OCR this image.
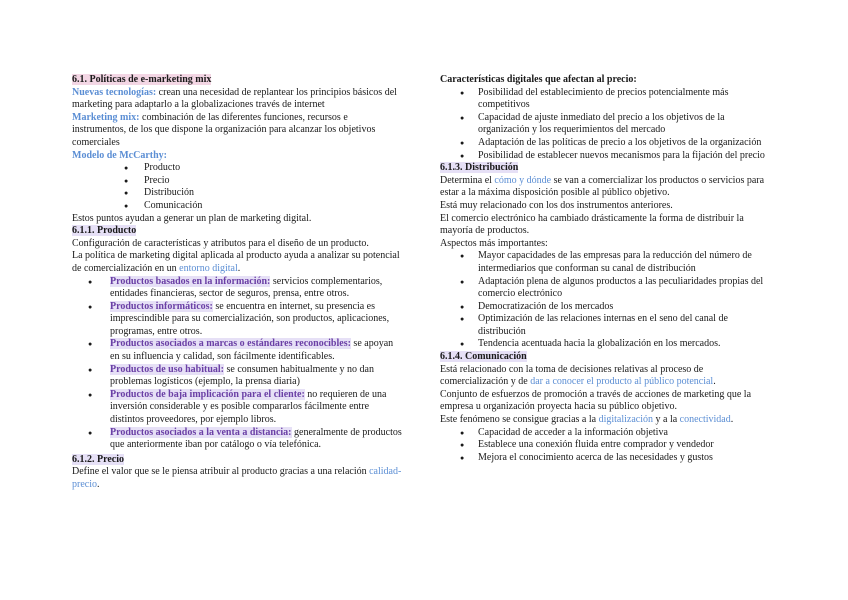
6.1. Políticas de e-marketing mix

Nuevas tecnologías: crean una necesidad de replantear los principios básicos del marketing para adaptarlo a la globalizaciones través de internet

Marketing mix: combinación de las diferentes funciones, recursos e instrumentos, de los que dispone la organización para alcanzar los objetivos comerciales

Modelo de McCarthy:

● Producto
● Precio
● Distribución
● Comunicación

Estos puntos ayudan a generar un plan de marketing digital.

6.1.1. Producto

Configuración de características y atributos para el diseño de un producto.

La política de marketing digital aplicada al producto ayuda a analizar su potencial de comercialización en un entorno digital.

● Productos basados en la información: servicios complementarios, entidades financieras, sector de seguros, prensa, entre otros.
● Productos informáticos: se encuentra en internet, su presencia es imprescindible para su comercialización, son productos, aplicaciones, programas, entre otros.
● Productos asociados a marcas o estándares reconocibles: se apoyan en su influencia y calidad, son fácilmente identificables.
● Productos de uso habitual: se consumen habitualmente y no dan problemas logísticos (ejemplo, la prensa diaria)
● Productos de baja implicación para el cliente: no requieren de una inversión considerable y es posible compararlos fácilmente entre distintos proveedores, por ejemplo libros.
● Productos asociados a la venta a distancia: generalmente de productos que anteriormente iban por catálogo o vía telefónica.

6.1.2. Precio

Define el valor que se le piensa atribuir al producto gracias a una relación calidad- precio.

Características digitales que afectan al precio:

● Posibilidad del establecimiento de precios potencialmente más competitivos
● Capacidad de ajuste inmediato del precio a los objetivos de la organización y los requerimientos del mercado
● Adaptación de las políticas de precio a los objetivos de la organización
● Posibilidad de establecer nuevos mecanismos para la fijación del precio

6.1.3. Distribución

Determina el cómo y dónde se van a comercializar los productos o servicios para estar a la máxima disposición posible al público objetivo.

Está muy relacionado con los dos instrumentos anteriores.

El comercio electrónico ha cambiado drásticamente la forma de distribuir la mayoría de productos.

Aspectos más importantes:

● Mayor capacidades de las empresas para la reducción del número de intermediarios que conforman su canal de distribución
● Adaptación plena de algunos productos a las peculiaridades propias del comercio electrónico
● Democratización de los mercados
● Optimización de las relaciones internas en el seno del canal de distribución
● Tendencia acentuada hacia la globalización en los mercados.

6.1.4. Comunicación

Está relacionado con la toma de decisiones relativas al proceso de comercialización y de dar a conocer el producto al público potencial.

Conjunto de esfuerzos de promoción a través de acciones de marketing que la empresa u organización proyecta hacia su público objetivo.

Este fenómeno se consigue gracias a la digitalización y a la conectividad.

● Capacidad de acceder a la información objetiva
● Establece una conexión fluida entre comprador y vendedor
● Mejora el conocimiento acerca de las necesidades y gustos
